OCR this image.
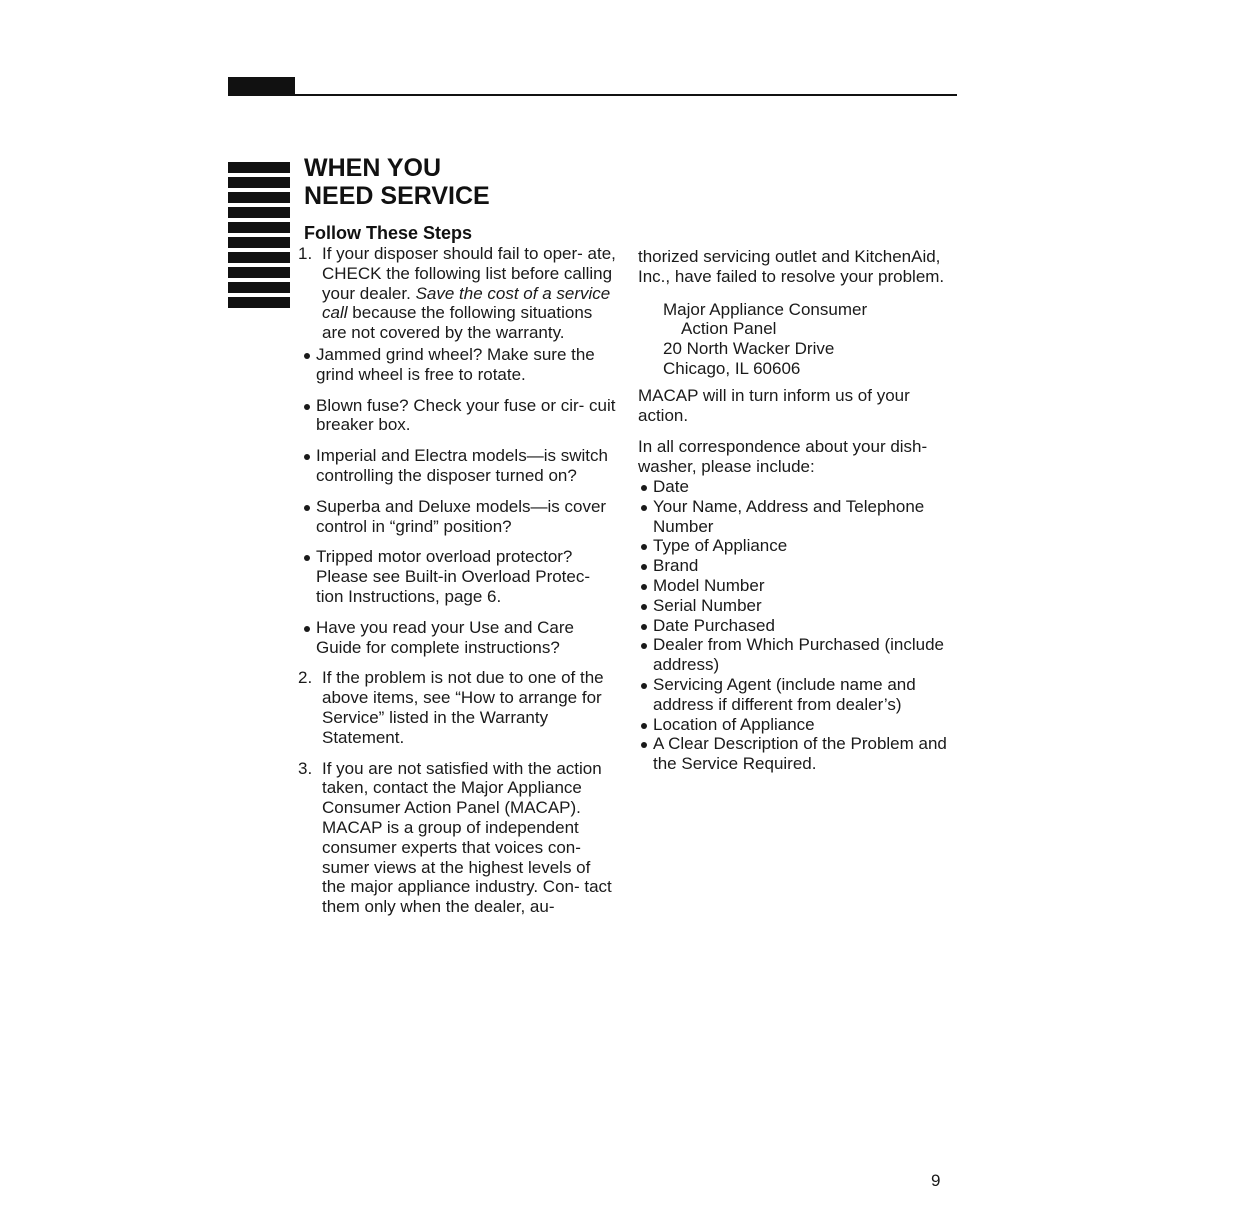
WHEN YOU
NEED SERVICE
Follow These Steps
1. If your disposer should fail to oper- ate, CHECK the following list before calling your dealer. Save the cost of a service call because the following situations are not covered by the warranty.

Jammed grind wheel? Make sure the grind wheel is free to rotate.

Blown fuse? Check your fuse or cir- cuit breaker box.

Imperial and Electra models—is switch controlling the disposer turned on?

Superba and Deluxe models—is cover control in “grind” position?

Tripped motor overload protector? Please see Built-in Overload Protec- tion Instructions, page 6.

Have you read your Use and Care Guide for complete instructions?

2. If the problem is not due to one of the above items, see “How to arrange for Service” listed in the Warranty Statement.

3. If you are not satisfied with the action taken, contact the Major Appliance Consumer Action Panel (MACAP). MACAP is a group of independent consumer experts that voices con- sumer views at the highest levels of the major appliance industry. Con- tact them only when the dealer, au-

thorized servicing outlet and KitchenAid, Inc., have failed to resolve your problem.

Major Appliance Consumer
Action Panel
20 North Wacker Drive
Chicago, IL 60606

MACAP will in turn inform us of your action.

In all correspondence about your dish- washer, please include:

Date

Your Name, Address and Telephone Number

Type of Appliance

Brand

Model Number

Serial Number

Date Purchased

Dealer from Which Purchased (include address)

Servicing Agent (include name and address if different from dealer’s)

Location of Appliance

A Clear Description of the Problem and the Service Required.

9
